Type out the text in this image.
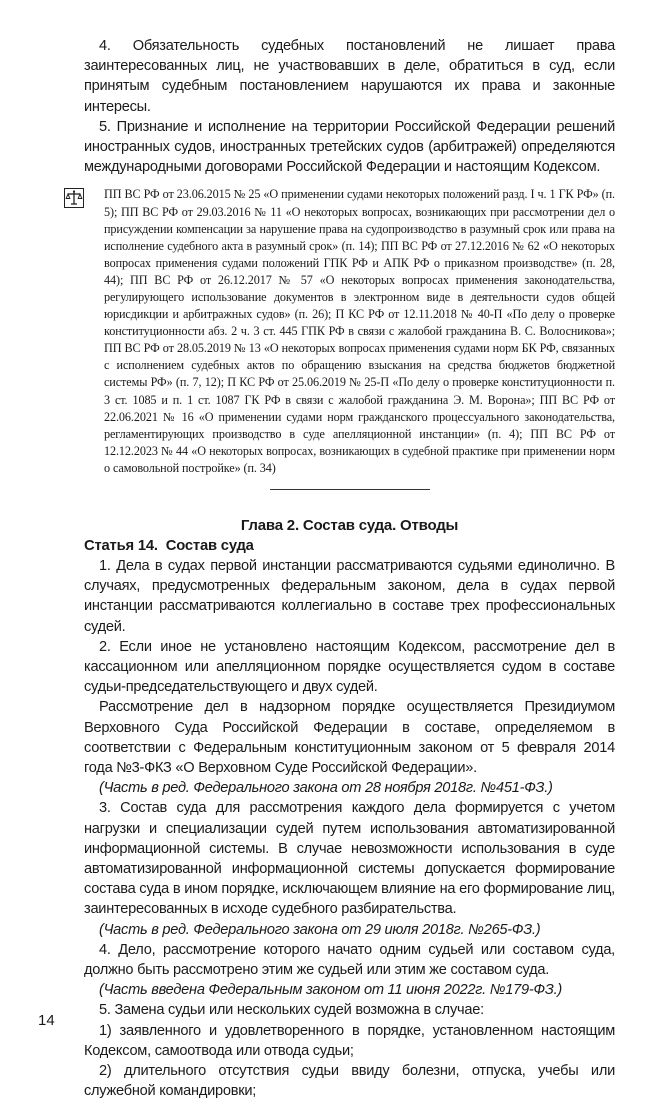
4. Обязательность судебных постановлений не лишает права заинтересованных лиц, не участвовавших в деле, обратиться в суд, если принятым судебным постановлением нарушаются их права и законные интересы.

5. Признание и исполнение на территории Российской Федерации решений иностранных судов, иностранных третейских судов (арбитражей) определяются международными договорами Российской Федерации и настоящим Кодексом.

ПП ВС РФ от 23.06.2015 № 25 «О применении судами некоторых положений разд. I ч. 1 ГК РФ» (п. 5); ПП ВС РФ от 29.03.2016 № 11 «О некоторых вопросах, возникающих при рассмотрении дел о присуждении компенсации за нарушение права на судопроизводство в разумный срок или права на исполнение судебного акта в разумный срок» (п. 14); ПП ВС РФ от 27.12.2016 № 62 «О некоторых вопросах применения судами положений ГПК РФ и АПК РФ о приказном производстве» (п. 28, 44); ПП ВС РФ от 26.12.2017 № 57 «О некоторых вопросах применения законодательства, регулирующего использование документов в электронном виде в деятельности судов общей юрисдикции и арбитражных судов» (п. 26); П КС РФ от 12.11.2018 № 40-П «По делу о проверке конституционности абз. 2 ч. 3 ст. 445 ГПК РФ в связи с жалобой гражданина В. С. Волосникова»; ПП ВС РФ от 28.05.2019 № 13 «О некоторых вопросах применения судами норм БК РФ, связанных с исполнением судебных актов по обращению взыскания на средства бюджетов бюджетной системы РФ» (п. 7, 12); П КС РФ от 25.06.2019 № 25-П «По делу о проверке конституционности п. 3 ст. 1085 и п. 1 ст. 1087 ГК РФ в связи с жалобой гражданина Э. М. Ворона»; ПП ВС РФ от 22.06.2021 № 16 «О применении судами норм гражданского процессуального законодательства, регламентирующих производство в суде апелляционной инстанции» (п. 4); ПП ВС РФ от 12.12.2023 № 44 «О некоторых вопросах, возникающих в судебной практике при применении норм о самовольной постройке» (п. 34)

Глава 2. Состав суда. Отводы

Статья 14. Состав суда

1. Дела в судах первой инстанции рассматриваются судьями единолично. В случаях, предусмотренных федеральным законом, дела в судах первой инстанции рассматриваются коллегиально в составе трех профессиональных судей.

2. Если иное не установлено настоящим Кодексом, рассмотрение дел в кассационном или апелляционном порядке осуществляется судом в составе судьи-председательствующего и двух судей.

Рассмотрение дел в надзорном порядке осуществляется Президиумом Верховного Суда Российской Федерации в составе, определяемом в соответствии с Федеральным конституционным законом от 5 февраля 2014 года №3-ФКЗ «О Верховном Суде Российской Федерации».

(Часть в ред. Федерального закона от 28 ноября 2018г. №451-ФЗ.)

3. Состав суда для рассмотрения каждого дела формируется с учетом нагрузки и специализации судей путем использования автоматизированной информационной системы. В случае невозможности использования в суде автоматизированной информационной системы допускается формирование состава суда в ином порядке, исключающем влияние на его формирование лиц, заинтересованных в исходе судебного разбирательства.

(Часть в ред. Федерального закона от 29 июля 2018г. №265-ФЗ.)

4. Дело, рассмотрение которого начато одним судьей или составом суда, должно быть рассмотрено этим же судьей или этим же составом суда.

(Часть введена Федеральным законом от 11 июня 2022г. №179-ФЗ.)

5. Замена судьи или нескольких судей возможна в случае:

1) заявленного и удовлетворенного в порядке, установленном настоящим Кодексом, самоотвода или отвода судьи;

2) длительного отсутствия судьи ввиду болезни, отпуска, учебы или служебной командировки;

14
